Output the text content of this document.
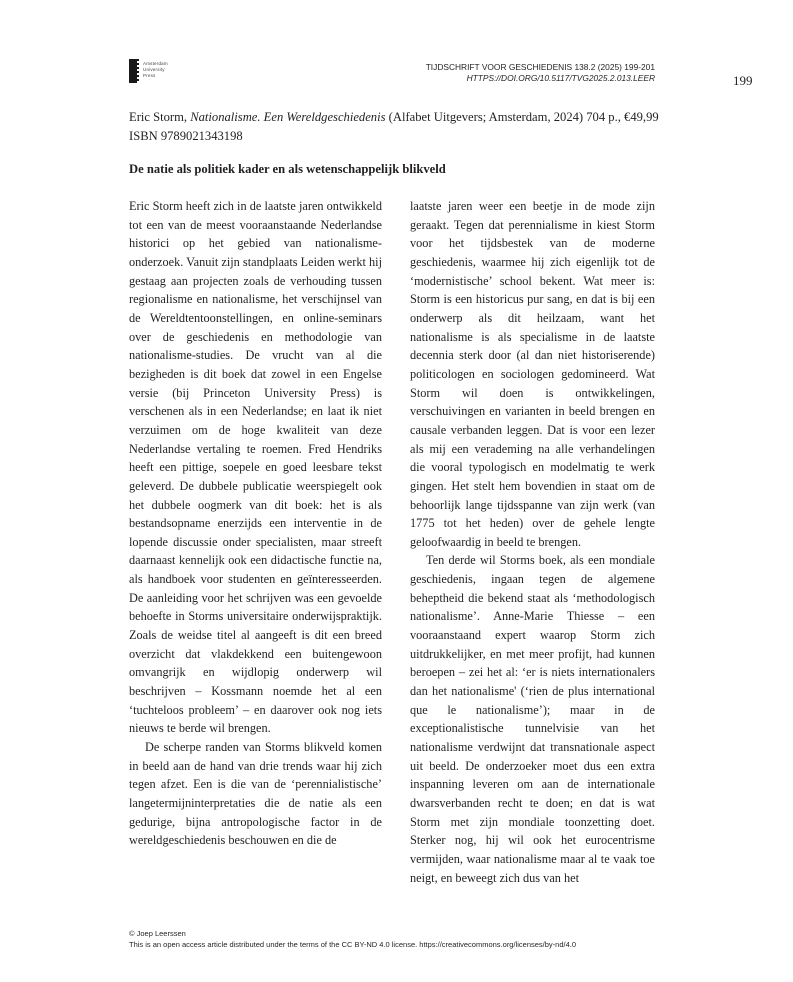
Amsterdam
University
Press
TIJDSCHRIFT VOOR GESCHIEDENIS 138.2 (2025) 199-201
HTTPS://DOI.ORG/10.5117/TVG2025.2.013.LEER	199
Eric Storm, Nationalisme. Een Wereldgeschiedenis (Alfabet Uitgevers; Amsterdam, 2024) 704 p., €49,99 ISBN 9789021343198
De natie als politiek kader en als wetenschappelijk blikveld

Eric Storm heeft zich in de laatste jaren ontwikkeld tot een van de meest vooraanstaande Nederlandse historici op het gebied van nationalisme-onderzoek. Vanuit zijn standplaats Leiden werkt hij gestaag aan projecten zoals de verhouding tussen regionalisme en nationalisme, het verschijnsel van de Wereldtentoonstellingen, en online-seminars over de geschiedenis en methodologie van nationalisme-studies. De vrucht van al die bezigheden is dit boek dat zowel in een Engelse versie (bij Princeton University Press) is verschenen als in een Nederlandse; en laat ik niet verzuimen om de hoge kwaliteit van deze Nederlandse vertaling te roemen. Fred Hendriks heeft een pittige, soepele en goed leesbare tekst geleverd. De dubbele publicatie weerspiegelt ook het dubbele oogmerk van dit boek: het is als bestandsopname enerzijds een interventie in de lopende discussie onder specialisten, maar streeft daarnaast kennelijk ook een didactische functie na, als handboek voor studenten en geïnteresseerden. De aanleiding voor het schrijven was een gevoelde behoefte in Storms universitaire onderwijspraktijk. Zoals de weidse titel al aangeeft is dit een breed overzicht dat vlakdekkend een buitengewoon omvangrijk en wijdlopig onderwerp wil beschrijven – Kossmann noemde het al een ‘tuchteloos probleem’ – en daarover ook nog iets nieuws te berde wil brengen.

De scherpe randen van Storms blikveld komen in beeld aan de hand van drie trends waar hij zich tegen afzet. Een is die van de ‘perennialistische’ langetermijninterpretaties die de natie als een gedurige, bijna antropologische factor in de wereldgeschiedenis beschouwen en die de

laatste jaren weer een beetje in de mode zijn geraakt. Tegen dat perennialisme in kiest Storm voor het tijdsbestek van de moderne geschiedenis, waarmee hij zich eigenlijk tot de ‘modernistische’ school bekent. Wat meer is: Storm is een historicus pur sang, en dat is bij een onderwerp als dit heilzaam, want het nationalisme is als specialisme in de laatste decennia sterk door (al dan niet historiserende) politicologen en sociologen gedomineerd. Wat Storm wil doen is ontwikkelingen, verschuivingen en varianten in beeld brengen en causale verbanden leggen. Dat is voor een lezer als mij een verademing na alle verhandelingen die vooral typologisch en modelmatig te werk gingen. Het stelt hem bovendien in staat om de behoorlijk lange tijdsspanne van zijn werk (van 1775 tot het heden) over de gehele lengte geloofwaardig in beeld te brengen.

Ten derde wil Storms boek, als een mondiale geschiedenis, ingaan tegen de algemene beheptheid die bekend staat als ‘methodologisch nationalisme’. Anne-Marie Thiesse – een vooraanstaand expert waarop Storm zich uitdrukkelijker, en met meer profijt, had kunnen beroepen – zei het al: ‘er is niets internationalers dan het nationalisme' (‘rien de plus international que le nationalisme’); maar in de exceptionalistische tunnelvisie van het nationalisme verdwijnt dat transnationale aspect uit beeld. De onderzoeker moet dus een extra inspanning leveren om aan de internationale dwarsverbanden recht te doen; en dat is wat Storm met zijn mondiale toonzetting doet. Sterker nog, hij wil ook het eurocentrisme vermijden, waar nationalisme maar al te vaak toe neigt, en beweegt zich dus van het

© Joep Leerssen
This is an open access article distributed under the terms of the CC BY-ND 4.0 license. https://creativecommons.org/licenses/by-nd/4.0
